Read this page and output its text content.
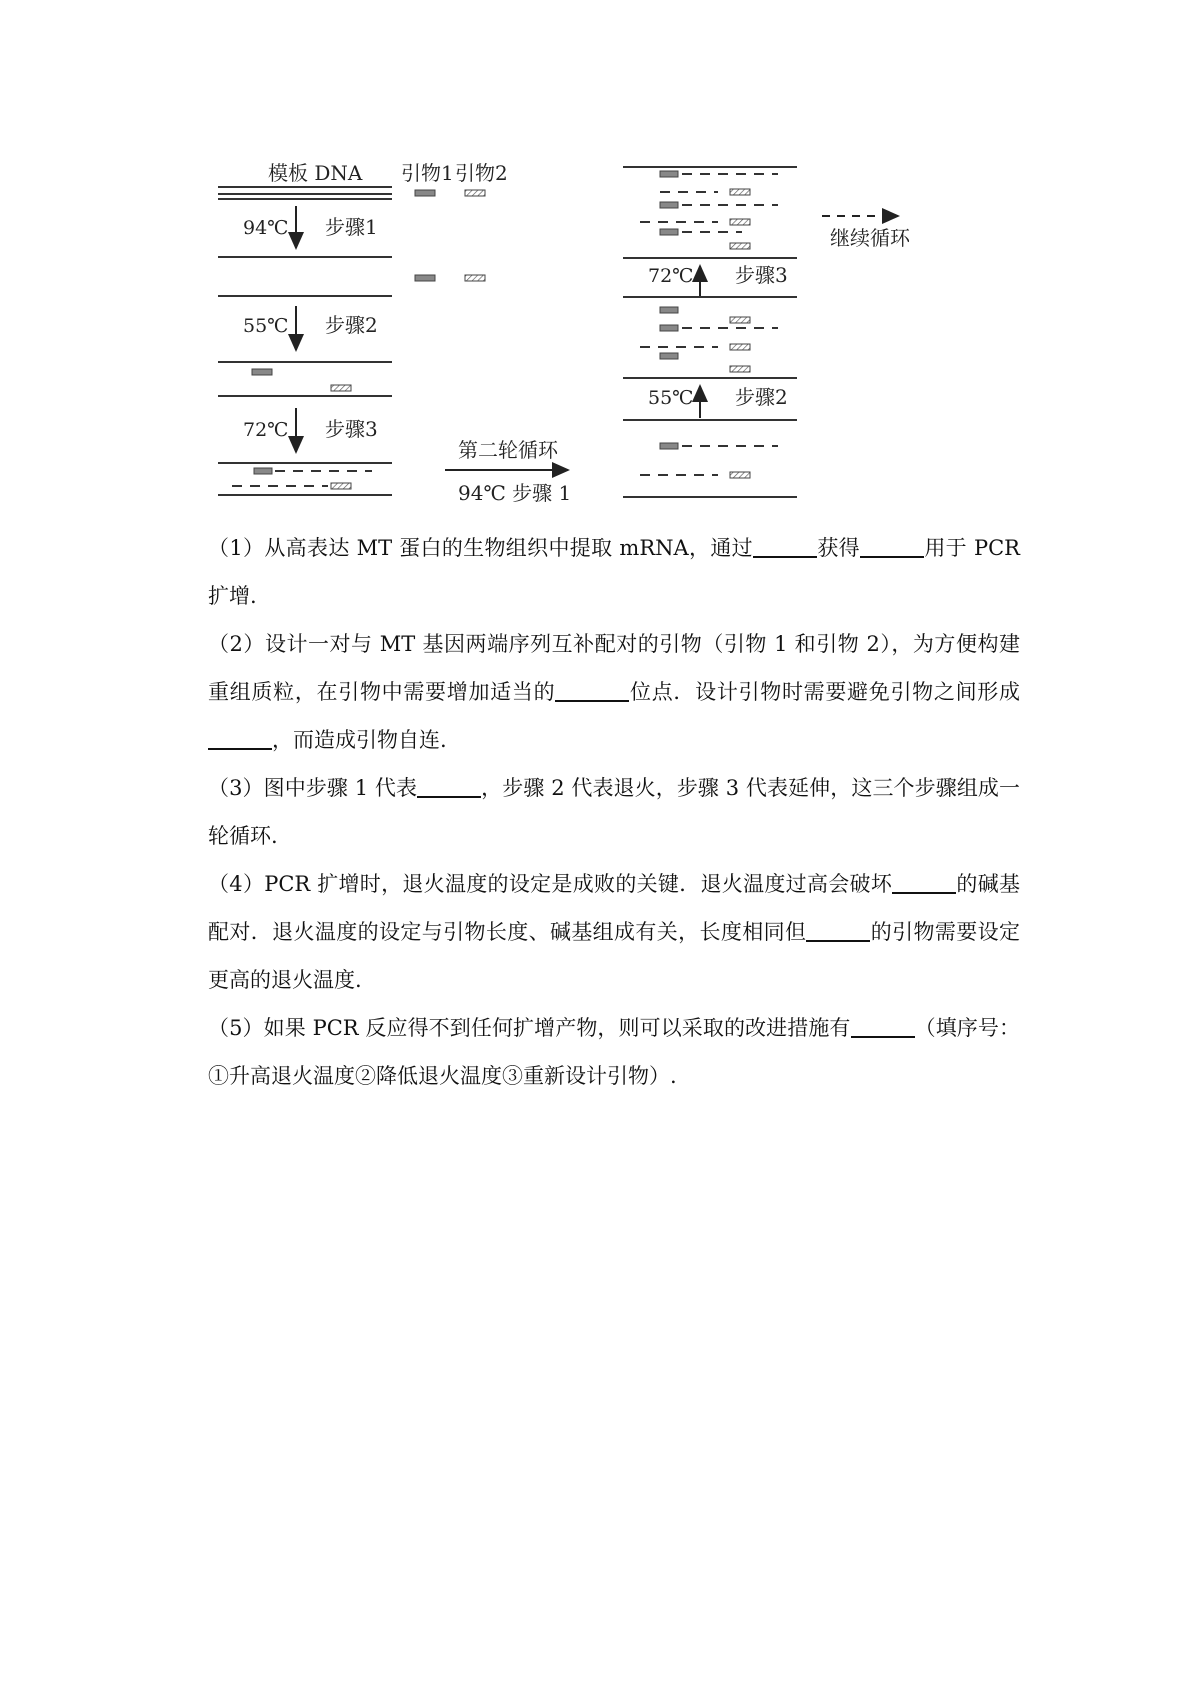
模板 DNA 引物1 引物2
94℃ 步骤1
55℃ 步骤2
72℃ 步骤3
第二轮循环
94℃ 步骤 1
72℃ 步骤3
55℃ 步骤2
继续循环

（1）从高表达 MT 蛋白的生物组织中提取 mRNA，通过	获得	用于 PCR 扩增.

（2）设计一对与 MT 基因两端序列互补配对的引物（引物 1 和引物 2），为方便构建重组质粒，在引物中需要增加适当的	位点．设计引物时需要避免引物之间形成，而造成引物自连.

（3）图中步骤 1 代表	，步骤 2 代表退火，步骤 3 代表延伸，这三个步骤组成一轮循环.

（4）PCR 扩增时，退火温度的设定是成败的关键．退火温度过高会破坏	的碱基配对．退火温度的设定与引物长度、碱基组成有关，长度相同但	的引物需要设定更高的退火温度.

（5）如果 PCR 反应得不到任何扩增产物，则可以采取的改进措施有	（填序号：①升高退火温度②降低退火温度③重新设计引物）.
